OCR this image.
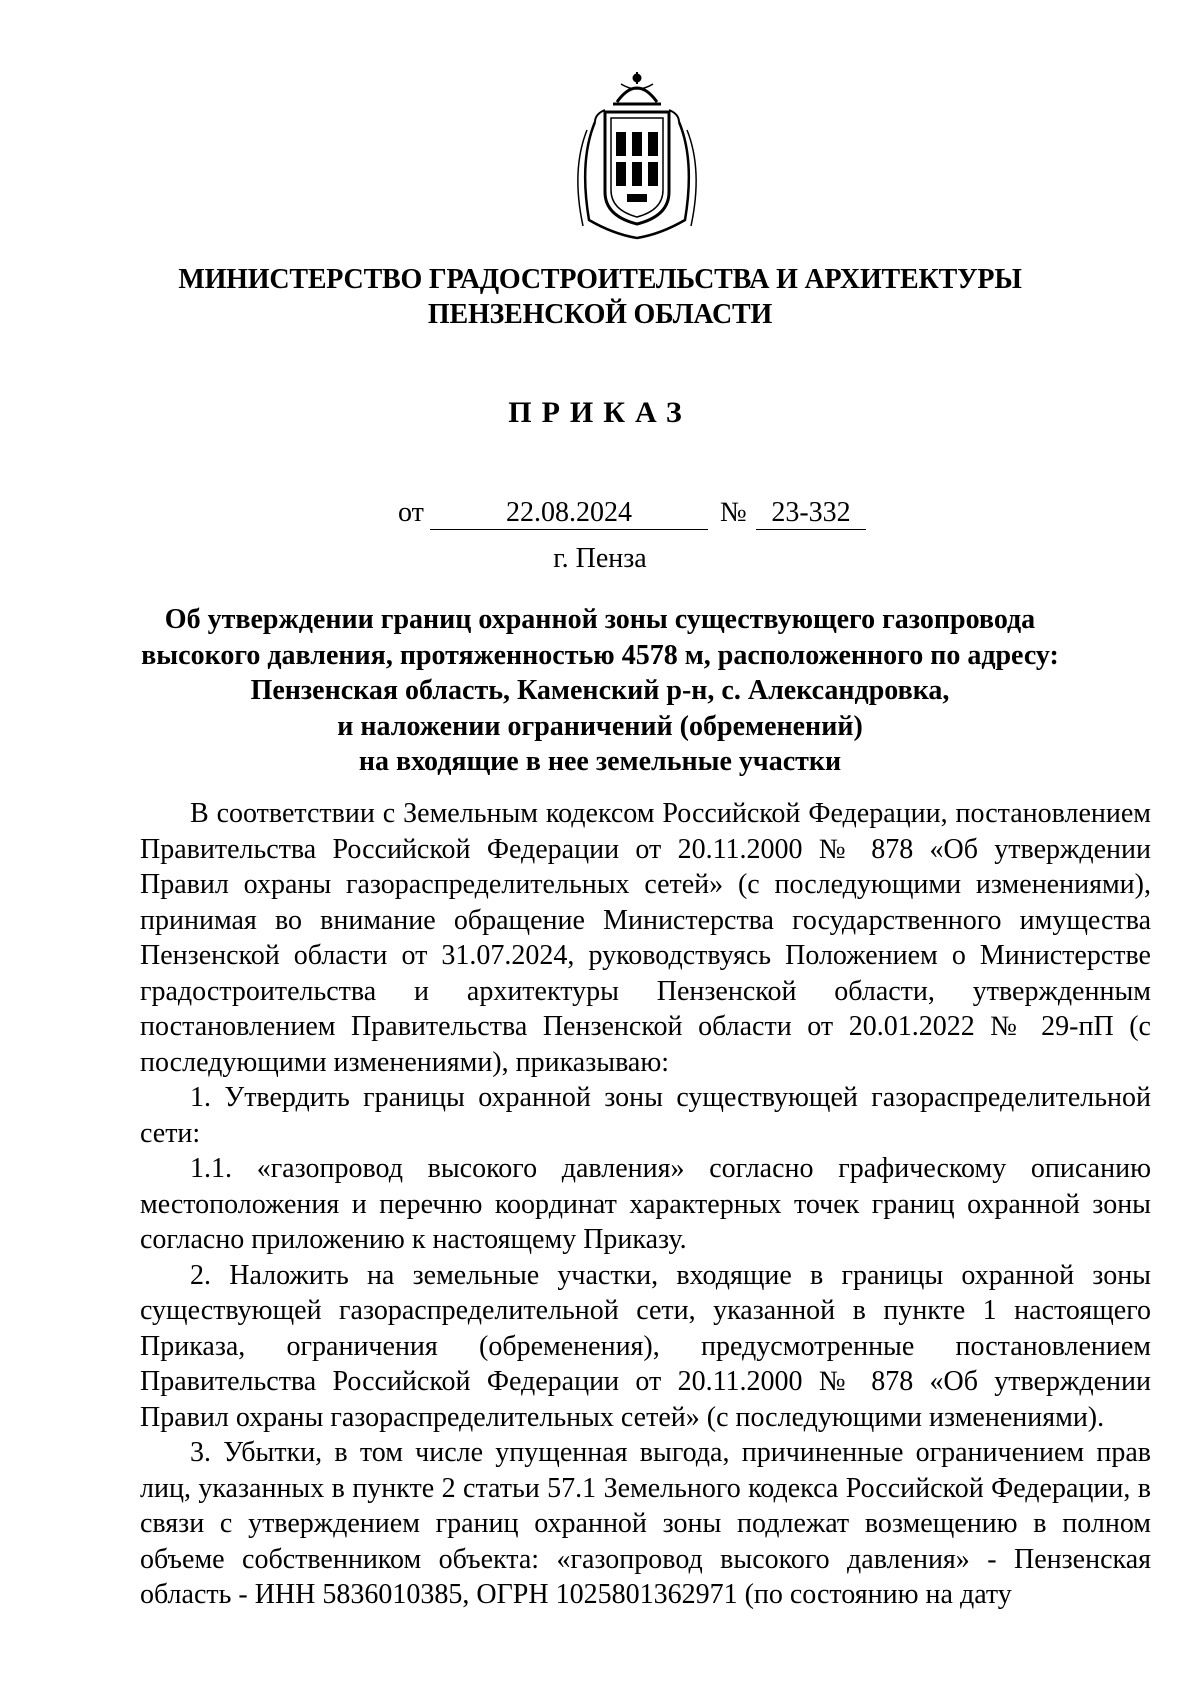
МИНИСТЕРСТВО ГРАДОСТРОИТЕЛЬСТВА И АРХИТЕКТУРЫ
ПЕНЗЕНСКОЙ ОБЛАСТИ
ПРИКАЗ
от	22.08.2024	№ 23-332
г. Пенза
Об утверждении границ охранной зоны существующего газопровода
высокого давления, протяженностью 4578 м, расположенного по адресу:
Пензенская область, Каменский р-н, с. Александровка,
и наложении ограничений (обременений)
на входящие в нее земельные участки

В соответствии с Земельным кодексом Российской Федерации, постановлением Правительства Российской Федерации от 20.11.2000 № 878 «Об утверждении Правил охраны газораспределительных сетей» (с последующими изменениями), принимая во внимание обращение Министерства государственного имущества Пензенской области от 31.07.2024, руководствуясь Положением о Министерстве градостроительства и архитектуры Пензенской области, утвержденным постановлением Правительства Пензенской области от 20.01.2022 № 29-пП (с последующими изменениями), приказываю:

1. Утвердить границы охранной зоны существующей газораспределительной сети:

1.1. «газопровод высокого давления» согласно графическому описанию местоположения и перечню координат характерных точек границ охранной зоны согласно приложению к настоящему Приказу.

2. Наложить на земельные участки, входящие в границы охранной зоны существующей газораспределительной сети, указанной в пункте 1 настоящего Приказа, ограничения (обременения), предусмотренные постановлением Правительства Российской Федерации от 20.11.2000 № 878 «Об утверждении Правил охраны газораспределительных сетей» (с последующими изменениями).

3. Убытки, в том числе упущенная выгода, причиненные ограничением прав лиц, указанных в пункте 2 статьи 57.1 Земельного кодекса Российской Федерации, в связи с утверждением границ охранной зоны подлежат возмещению в полном объеме собственником объекта: «газопровод высокого давления» - Пензенская область - ИНН 5836010385, ОГРН 1025801362971 (по состоянию на дату
